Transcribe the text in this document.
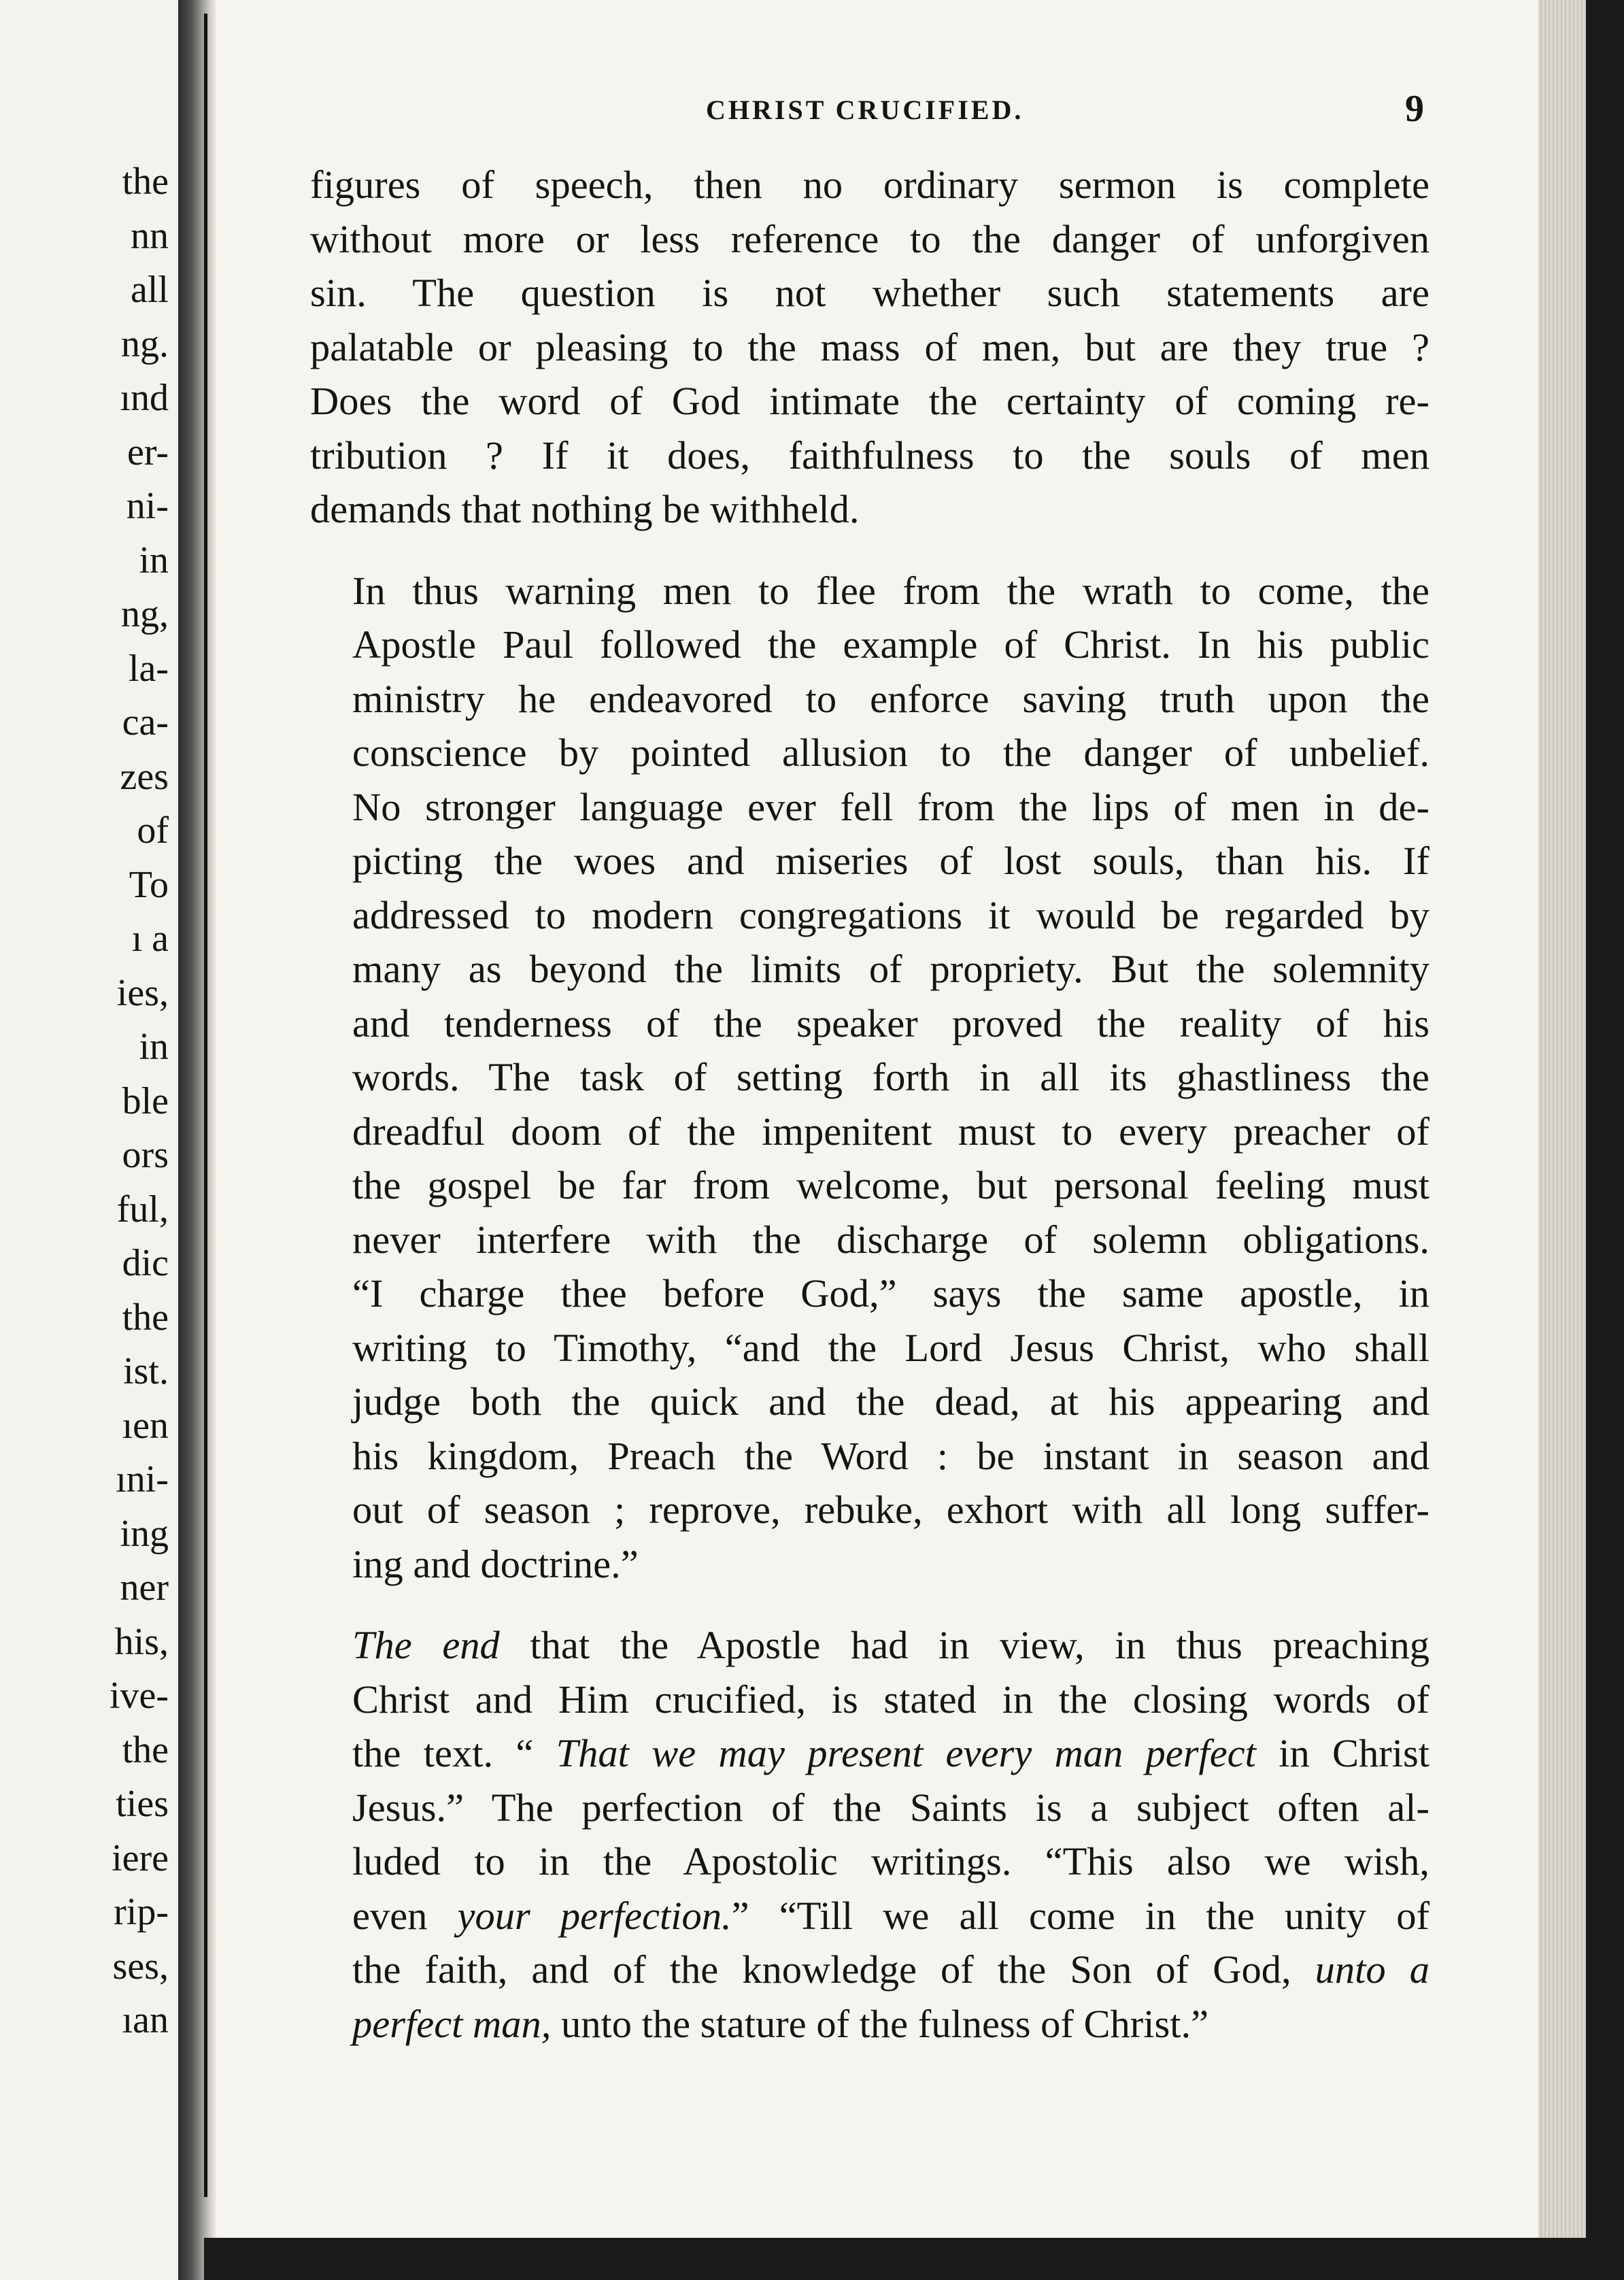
the
nn
all
ng.
ınd
er-
ni-
in
ng,
la-
ca-
zes
of
To
ı a
ies,
in
ble
ors
ful,
dic
the
ist.
ıen
ıni-
ing
ner
his,
ive-
the
ties
iere
rip-
ses,
ıan
CHRIST CRUCIFIED.	9

figures of speech, then no ordinary sermon is complete
without more or less reference to the danger of unforgiven
sin. The question is not whether such statements are
palatable or pleasing to the mass of men, but are they true ?
Does the word of God intimate the certainty of coming re-
tribution ? If it does, faithfulness to the souls of men
demands that nothing be withheld.

In thus warning men to flee from the wrath to come, the
Apostle Paul followed the example of Christ. In his public
ministry he endeavored to enforce saving truth upon the
conscience by pointed allusion to the danger of unbelief.
No stronger language ever fell from the lips of men in de-
picting the woes and miseries of lost souls, than his. If
addressed to modern congregations it would be regarded by
many as beyond the limits of propriety. But the solemnity
and tenderness of the speaker proved the reality of his
words. The task of setting forth in all its ghastliness the
dreadful doom of the impenitent must to every preacher of
the gospel be far from welcome, but personal feeling must
never interfere with the discharge of solemn obligations.
“I charge thee before God,” says the same apostle, in
writing to Timothy, “and the Lord Jesus Christ, who shall
judge both the quick and the dead, at his appearing and
his kingdom, Preach the Word : be instant in season and
out of season ; reprove, rebuke, exhort with all long suffer-
ing and doctrine.”

The end that the Apostle had in view, in thus preaching
Christ and Him crucified, is stated in the closing words of
the text. “ That we may present every man perfect in Christ
Jesus.” The perfection of the Saints is a subject often al-
luded to in the Apostolic writings. “This also we wish,
even your perfection.” “Till we all come in the unity of
the faith, and of the knowledge of the Son of God, unto a
perfect man, unto the stature of the fulness of Christ.”
